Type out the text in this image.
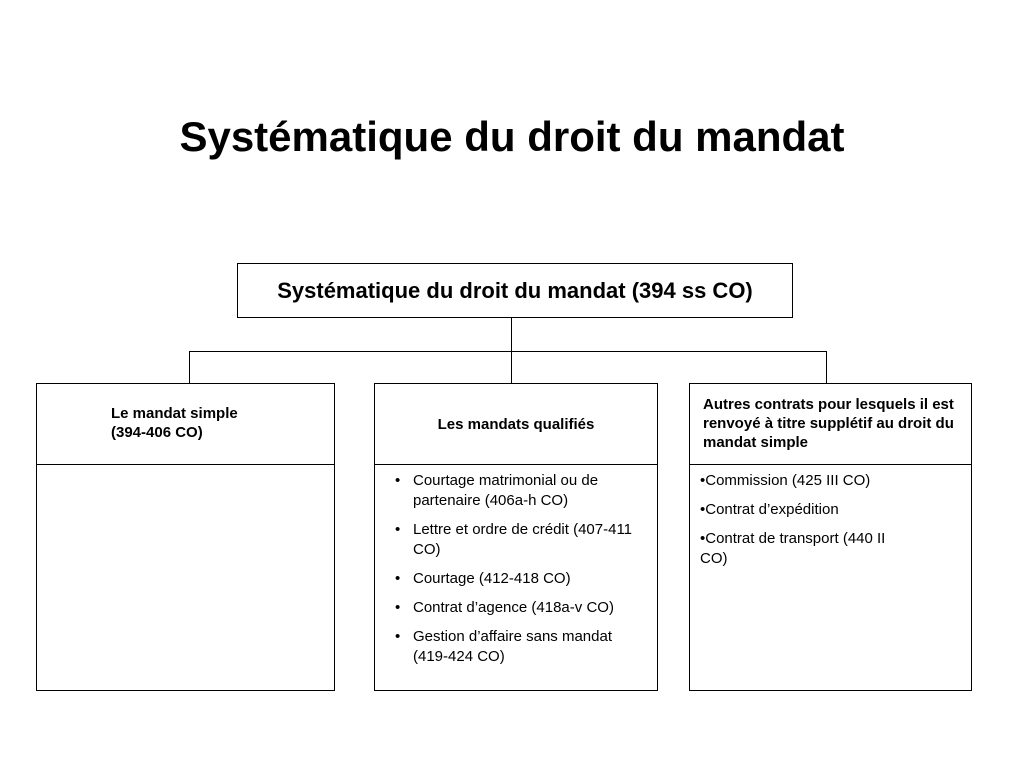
Systématique du droit du mandat
Systématique du droit du mandat (394 ss CO)
Le mandat simple
(394-406 CO)	Les mandats qualifiés
• Courtage matrimonial ou de partenaire (406a-h CO)
• Lettre et ordre de crédit (407-411 CO)
• Courtage (412-418 CO)
• Contrat d’agence (418a-v CO)
• Gestion d’affaire sans mandat (419-424 CO)
Autres contrats pour lesquels il est renvoyé à titre supplétif au droit du mandat simple
•Commission (425 III CO)
•Contrat d’expédition
•Contrat de transport (440 II CO)
